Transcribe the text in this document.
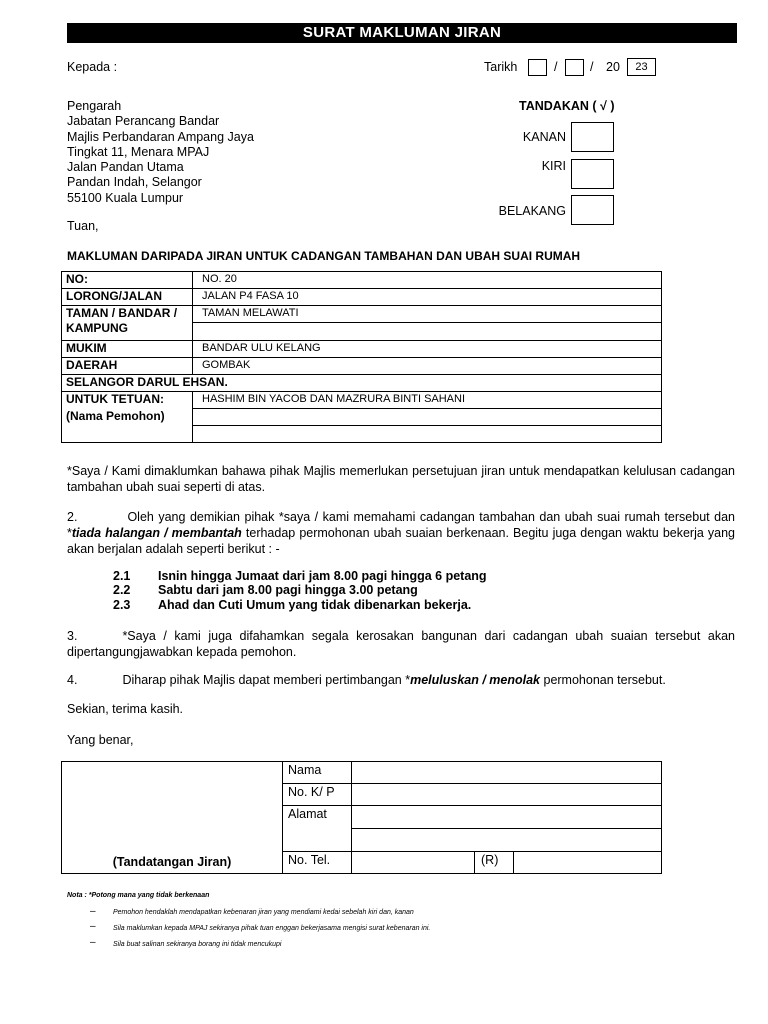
SURAT MAKLUMAN JIRAN
Kepada :	Tarikh	/	/ 20	23
Pengarah
Jabatan Perancang Bandar
Majlis Perbandaran Ampang Jaya
Tingkat 11, Menara MPAJ
Jalan Pandan Utama
Pandan Indah, Selangor
55100 Kuala Lumpur
TANDAKAN ( √ )
KANAN
KIRI
BELAKANG
Tuan,
MAKLUMAN DARIPADA JIRAN UNTUK CADANGAN TAMBAHAN DAN UBAH SUAI RUMAH
NO:	NO. 20
LORONG/JALAN	JALAN P4 FASA 10
TAMAN / BANDAR / KAMPUNG	TAMAN MELAWATI

MUKIM	BANDAR ULU KELANG
DAERAH	GOMBAK
SELANGOR DARUL EHSAN.	

UNTUK TETUAN:
(Nama Pemohon)	HASHIM BIN YACOB DAN MAZRURA BINTI SAHANI

*Saya / Kami dimaklumkan bahawa pihak Majlis memerlukan persetujuan jiran untuk mendapatkan kelulusan cadangan tambahan ubah suai seperti di atas.
2.	Oleh yang demikian pihak *saya / kami memahami cadangan tambahan dan ubah suai rumah tersebut dan *tiada halangan / membantah terhadap permohonan ubah suaian berkenaan. Begitu juga dengan waktu bekerja yang akan berjalan adalah seperti berikut : -
2.1 Isnin hingga Jumaat dari jam 8.00 pagi hingga 6 petang
2.2 Sabtu dari jam 8.00 pagi hingga 3.00 petang
2.3 Ahad dan Cuti Umum yang tidak dibenarkan bekerja.
3.	*Saya / kami juga difahamkan segala kerosakan bangunan dari cadangan ubah suaian tersebut akan dipertangungjawabkan kepada pemohon.
4.	Diharap pihak Majlis dapat memberi pertimbangan *meluluskan / menolak permohonan tersebut.
Sekian, terima kasih.
Yang benar,
(Tandatangan Jiran)	Nama		
	No. K/ P		
	Alamat		

	No. Tel.		(R)
Nota : *Potong mana yang tidak berkenaan
– Pemohon hendaklah mendapatkan kebenaran jiran yang mendiami kedai sebelah kiri dan, kanan
– Sila maklumkan kepada MPAJ sekiranya pihak tuan enggan bekerjasama mengisi surat kebenaran ini.
– Sila buat salinan sekiranya borang ini tidak mencukupi
